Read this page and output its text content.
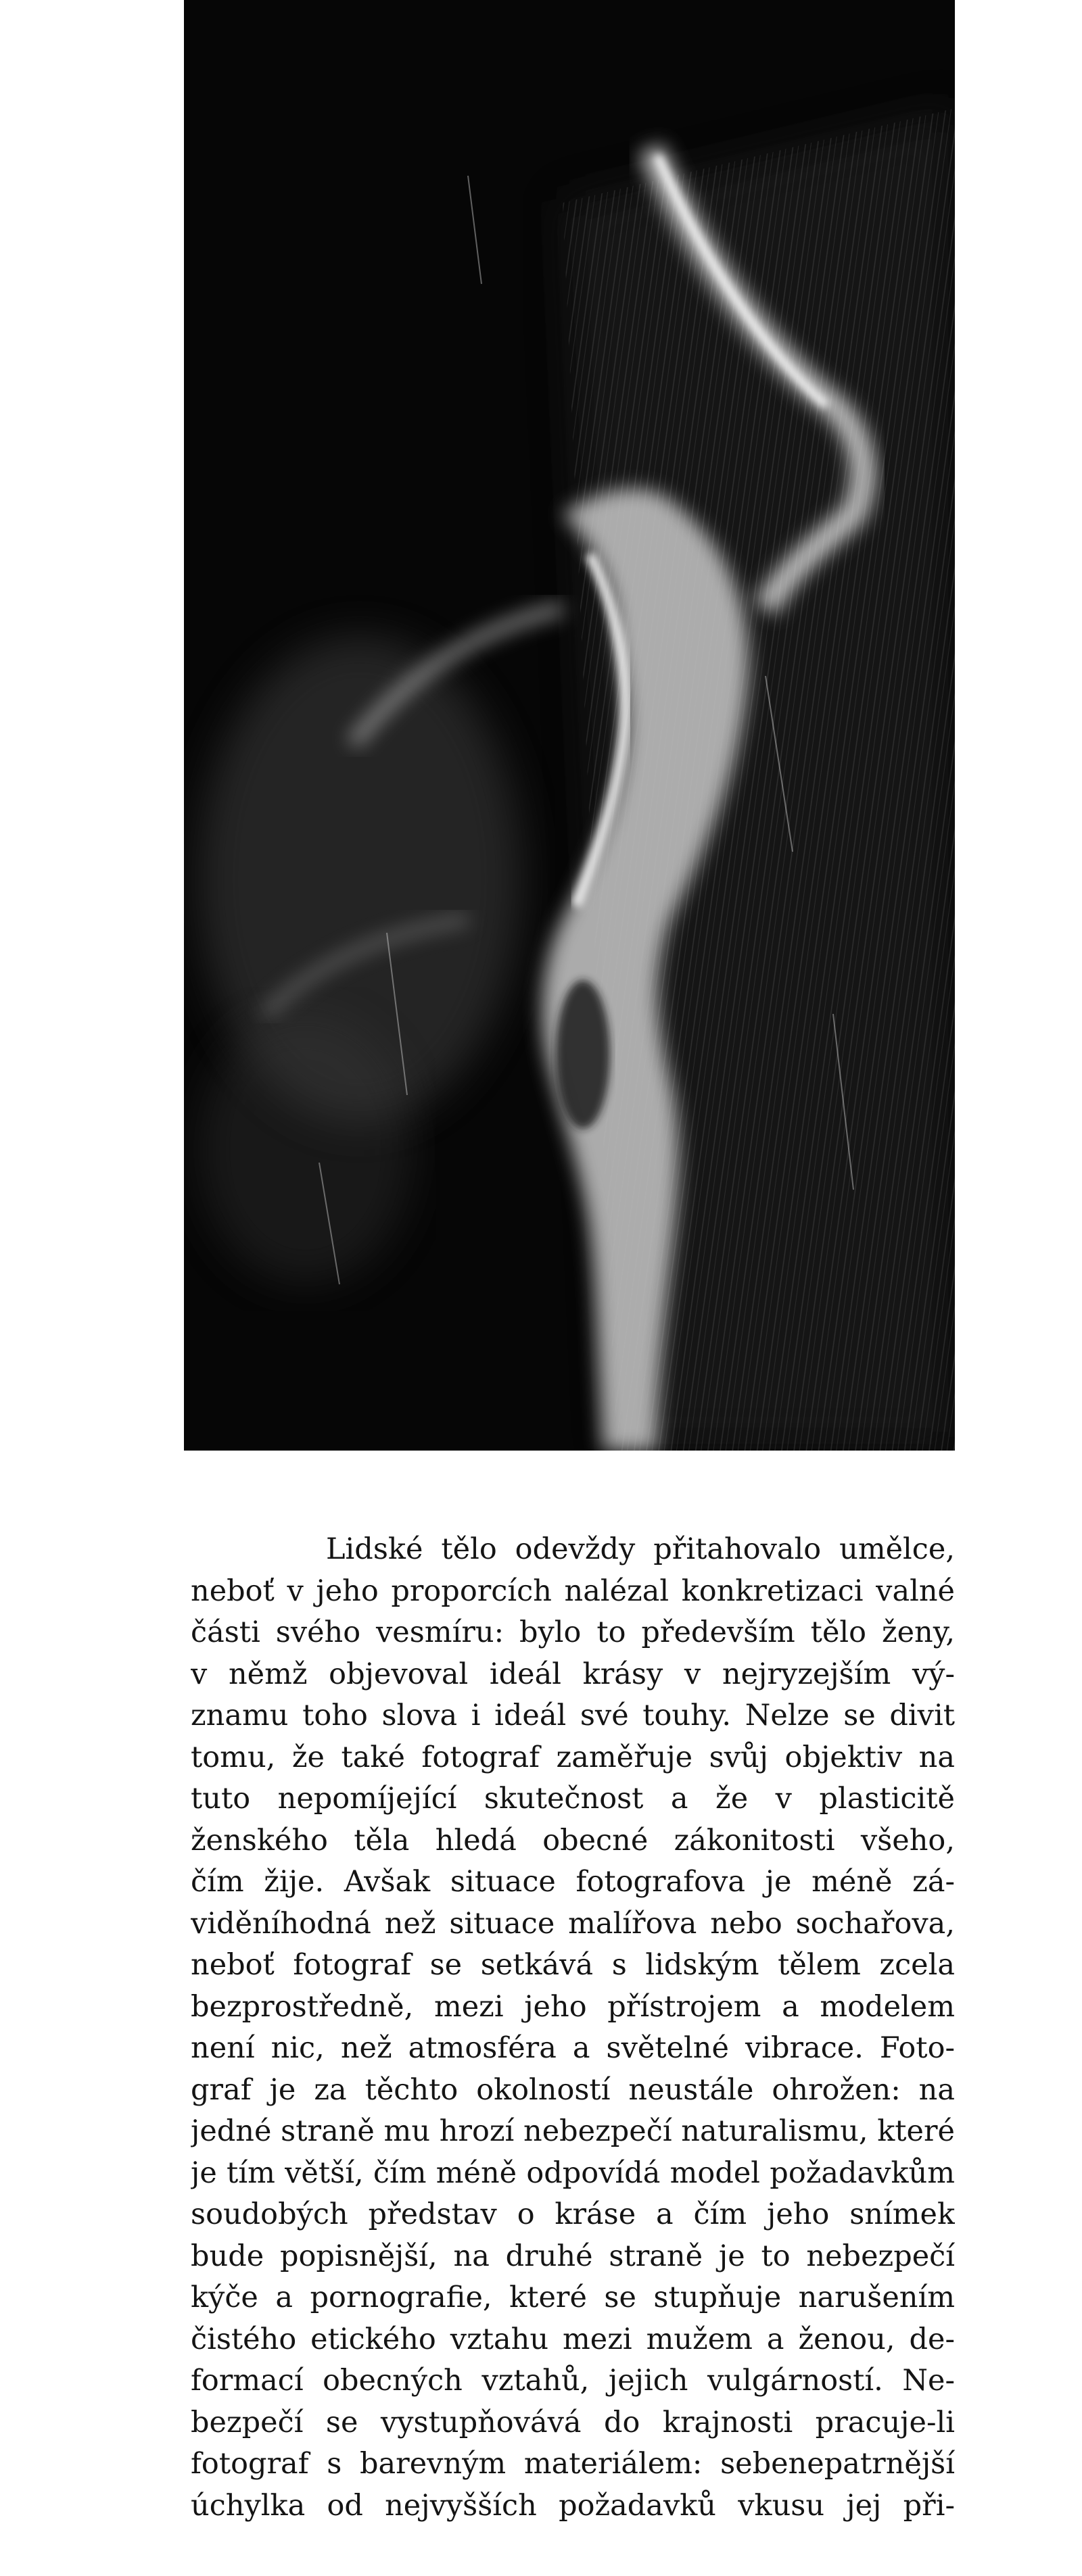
Lidské tělo odevždy přitahovalo umělce,
neboť v jeho proporcích nalézal konkretizaci valné
části svého vesmíru: bylo to především tělo ženy,
v němž objevoval ideál krásy v nejryzejším vý-
znamu toho slova i ideál své touhy. Nelze se divit
tomu, že také fotograf zaměřuje svůj objektiv na
tuto nepomíjející skutečnost a že v plasticitě
ženského těla hledá obecné zákonitosti všeho,
čím žije. Avšak situace fotografova je méně zá-
viděníhodná než situace malířova nebo sochařova,
neboť fotograf se setkává s lidským tělem zcela
bezprostředně, mezi jeho přístrojem a modelem
není nic, než atmosféra a světelné vibrace. Foto-
graf je za těchto okolností neustále ohrožen: na
jedné straně mu hrozí nebezpečí naturalismu, které
je tím větší, čím méně odpovídá model požadavkům
soudobých představ o kráse a čím jeho snímek
bude popisnější, na druhé straně je to nebezpečí
kýče a pornografie, které se stupňuje narušením
čistého etického vztahu mezi mužem a ženou, de-
formací obecných vztahů, jejich vulgárností. Ne-
bezpečí se vystupňovává do krajnosti pracuje-li
fotograf s barevným materiálem: sebenepatrnější
úchylka od nejvyšších požadavků vkusu jej při-
